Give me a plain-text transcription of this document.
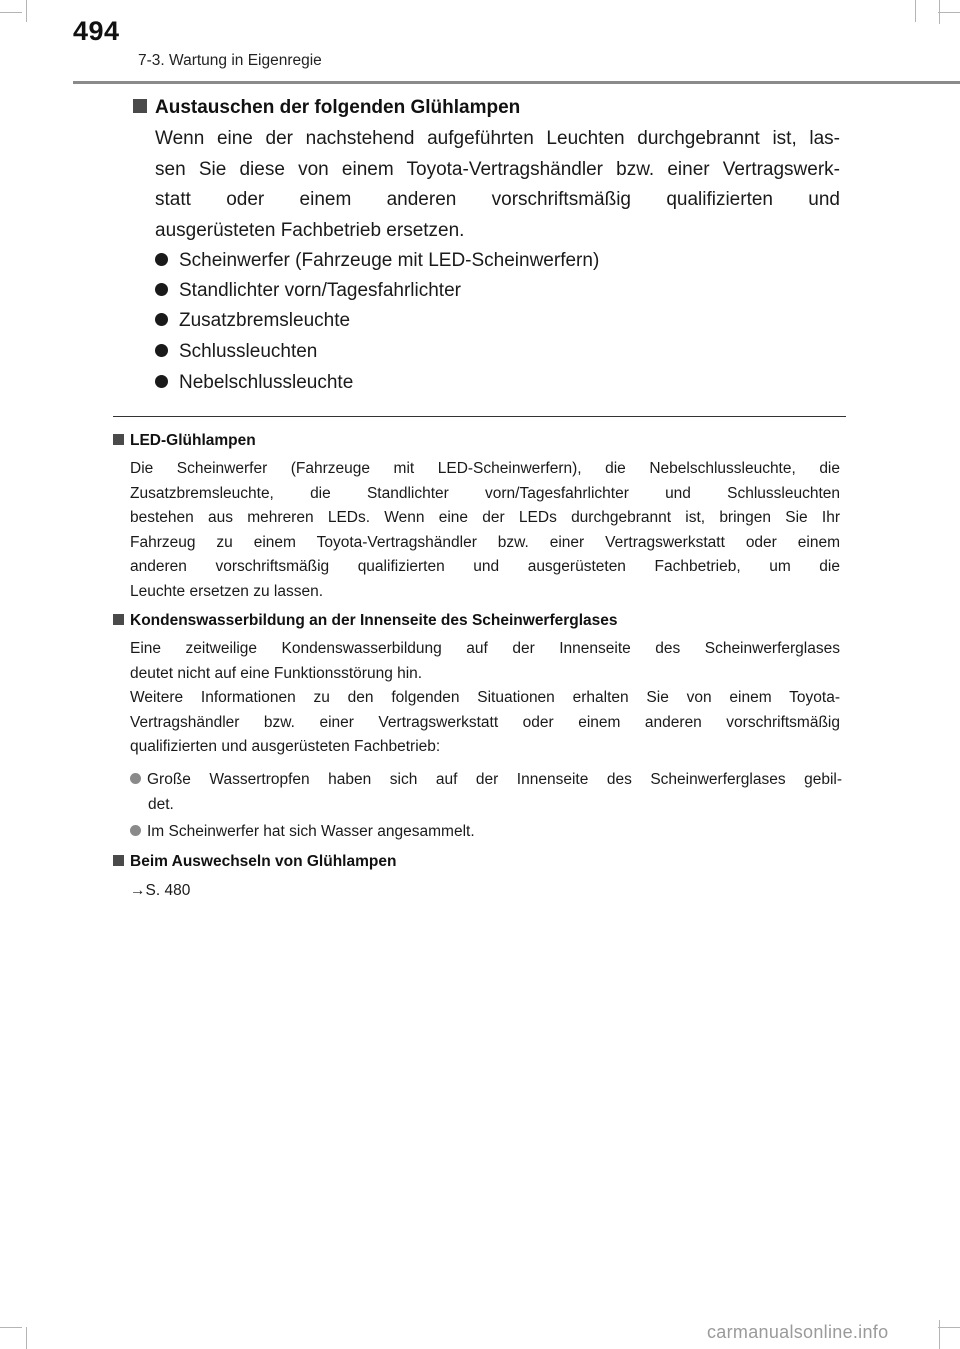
494
7-3. Wartung in Eigenregie
Austauschen der folgenden Glühlampen
Wenn eine der nachstehend aufgeführten Leuchten durchgebrannt ist, las-
sen Sie diese von einem Toyota-Vertragshändler bzw. einer Vertragswerk-
statt oder einem anderen vorschriftsmäßig qualifizierten und
ausgerüsteten Fachbetrieb ersetzen.
Scheinwerfer (Fahrzeuge mit LED-Scheinwerfern)
Standlichter vorn/Tagesfahrlichter
Zusatzbremsleuchte
Schlussleuchten
Nebelschlussleuchte
LED-Glühlampen
Die Scheinwerfer (Fahrzeuge mit LED-Scheinwerfern), die Nebelschlussleuchte, die
Zusatzbremsleuchte, die Standlichter vorn/Tagesfahrlichter und Schlussleuchten
bestehen aus mehreren LEDs. Wenn eine der LEDs durchgebrannt ist, bringen Sie Ihr
Fahrzeug zu einem Toyota-Vertragshändler bzw. einer Vertragswerkstatt oder einem
anderen vorschriftsmäßig qualifizierten und ausgerüsteten Fachbetrieb, um die
Leuchte ersetzen zu lassen.
Kondenswasserbildung an der Innenseite des Scheinwerferglases
Eine zeitweilige Kondenswasserbildung auf der Innenseite des Scheinwerferglases
deutet nicht auf eine Funktionsstörung hin.
Weitere Informationen zu den folgenden Situationen erhalten Sie von einem Toyota-
Vertragshändler bzw. einer Vertragswerkstatt oder einem anderen vorschriftsmäßig
qualifizierten und ausgerüsteten Fachbetrieb:
Große Wassertropfen haben sich auf der Innenseite des Scheinwerferglases gebil-
det.
Im Scheinwerfer hat sich Wasser angesammelt.
Beim Auswechseln von Glühlampen
→S. 480
carmanualsonline.info
